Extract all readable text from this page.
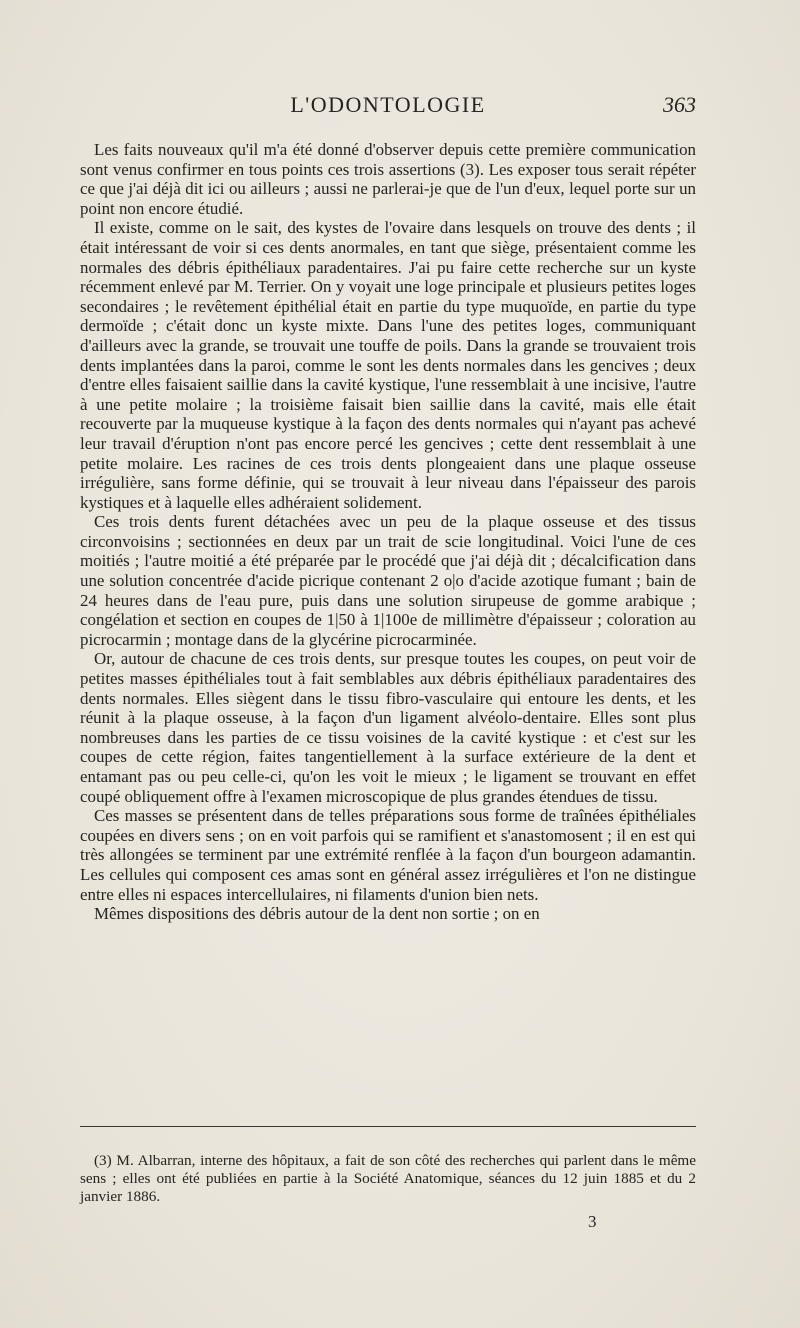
L'ODONTOLOGIE	363

Les faits nouveaux qu'il m'a été donné d'observer depuis cette première communication sont venus confirmer en tous points ces trois assertions (3). Les exposer tous serait répéter ce que j'ai déjà dit ici ou ailleurs ; aussi ne parlerai-je que de l'un d'eux, lequel porte sur un point non encore étudié.

Il existe, comme on le sait, des kystes de l'ovaire dans lesquels on trouve des dents ; il était intéressant de voir si ces dents anormales, en tant que siège, présentaient comme les normales des débris épithéliaux paradentaires. J'ai pu faire cette recherche sur un kyste récemment enlevé par M. Terrier. On y voyait une loge principale et plusieurs petites loges secondaires ; le revêtement épithélial était en partie du type muquoïde, en partie du type dermoïde ; c'était donc un kyste mixte. Dans l'une des petites loges, communiquant d'ailleurs avec la grande, se trouvait une touffe de poils. Dans la grande se trouvaient trois dents implantées dans la paroi, comme le sont les dents normales dans les gencives ; deux d'entre elles faisaient saillie dans la cavité kystique, l'une ressemblait à une incisive, l'autre à une petite molaire ; la troisième faisait bien saillie dans la cavité, mais elle était recouverte par la muqueuse kystique à la façon des dents normales qui n'ayant pas achevé leur travail d'éruption n'ont pas encore percé les gencives ; cette dent ressemblait à une petite molaire. Les racines de ces trois dents plongeaient dans une plaque osseuse irrégulière, sans forme définie, qui se trouvait à leur niveau dans l'épaisseur des parois kystiques et à laquelle elles adhéraient solidement.

Ces trois dents furent détachées avec un peu de la plaque osseuse et des tissus circonvoisins ; sectionnées en deux par un trait de scie longitudinal. Voici l'une de ces moitiés ; l'autre moitié a été préparée par le procédé que j'ai déjà dit ; décalcification dans une solution concentrée d'acide picrique contenant 2 o|o d'acide azotique fumant ; bain de 24 heures dans de l'eau pure, puis dans une solution sirupeuse de gomme arabique ; congélation et section en coupes de 1|50 à 1|100e de millimètre d'épaisseur ; coloration au picrocarmin ; montage dans de la glycérine picrocarminée.

Or, autour de chacune de ces trois dents, sur presque toutes les coupes, on peut voir de petites masses épithéliales tout à fait semblables aux débris épithéliaux paradentaires des dents normales. Elles siègent dans le tissu fibro-vasculaire qui entoure les dents, et les réunit à la plaque osseuse, à la façon d'un ligament alvéolo-dentaire. Elles sont plus nombreuses dans les parties de ce tissu voisines de la cavité kystique : et c'est sur les coupes de cette région, faites tangentiellement à la surface extérieure de la dent et entamant pas ou peu celle-ci, qu'on les voit le mieux ; le ligament se trouvant en effet coupé obliquement offre à l'examen microscopique de plus grandes étendues de tissu.

Ces masses se présentent dans de telles préparations sous forme de traînées épithéliales coupées en divers sens ; on en voit parfois qui se ramifient et s'anastomosent ; il en est qui très allongées se terminent par une extrémité renflée à la façon d'un bourgeon adamantin. Les cellules qui composent ces amas sont en général assez irrégulières et l'on ne distingue entre elles ni espaces intercellulaires, ni filaments d'union bien nets.

Mêmes dispositions des débris autour de la dent non sortie ; on en

(3) M. Albarran, interne des hôpitaux, a fait de son côté des recherches qui parlent dans le même sens ; elles ont été publiées en partie à la Société Anatomique, séances du 12 juin 1885 et du 2 janvier 1886.
3
